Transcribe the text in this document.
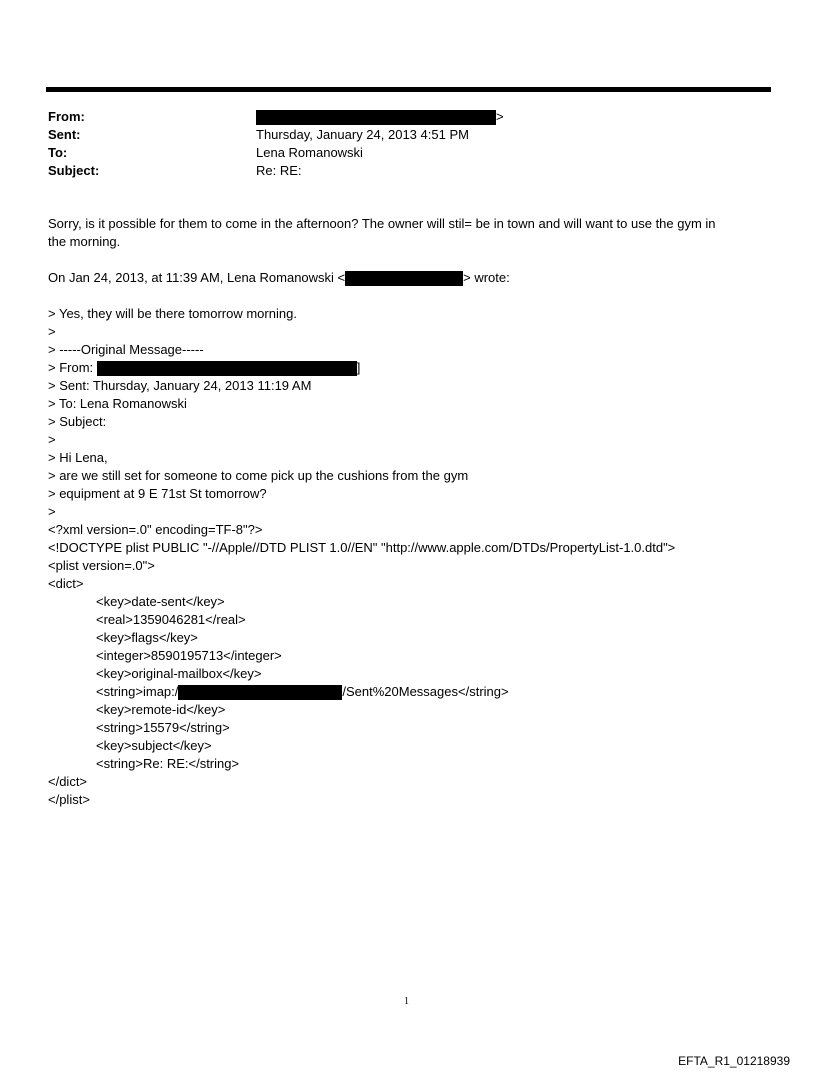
From:	>
Sent:	Thursday, January 24, 2013 4:51 PM
To:	Lena Romanowski
Subject:	Re: RE:
Sorry, is it possible for them to come in the afternoon? The owner will stil= be in town and will want to use the gym in
the morning.
On Jan 24, 2013, at 11:39 AM, Lena Romanowski <	> wrote:
> Yes, they will be there tomorrow morning.
>
> -----Original Message-----
> From:	]
> Sent: Thursday, January 24, 2013 11:19 AM
> To: Lena Romanowski
> Subject:
>
> Hi Lena,
> are we still set for someone to come pick up the cushions from the gym
> equipment at 9 E 71st St tomorrow?
>
<?xml version=.0" encoding=TF-8"?>
<!DOCTYPE plist PUBLIC "-//Apple//DTD PLIST 1.0//EN" "http://www.apple.com/DTDs/PropertyList-1.0.dtd">
<plist version=.0">
<dict>
<key>date-sent</key>
<real>1359046281</real>
<key>flags</key>
<integer>8590195713</integer>
<key>original-mailbox</key>
<string>imap:/	/Sent%20Messages</string>
<key>remote-id</key>
<string>15579</string>
<key>subject</key>
<string>Re: RE:</string>
</dict>
</plist>
1
EFTA_R1_01218939
